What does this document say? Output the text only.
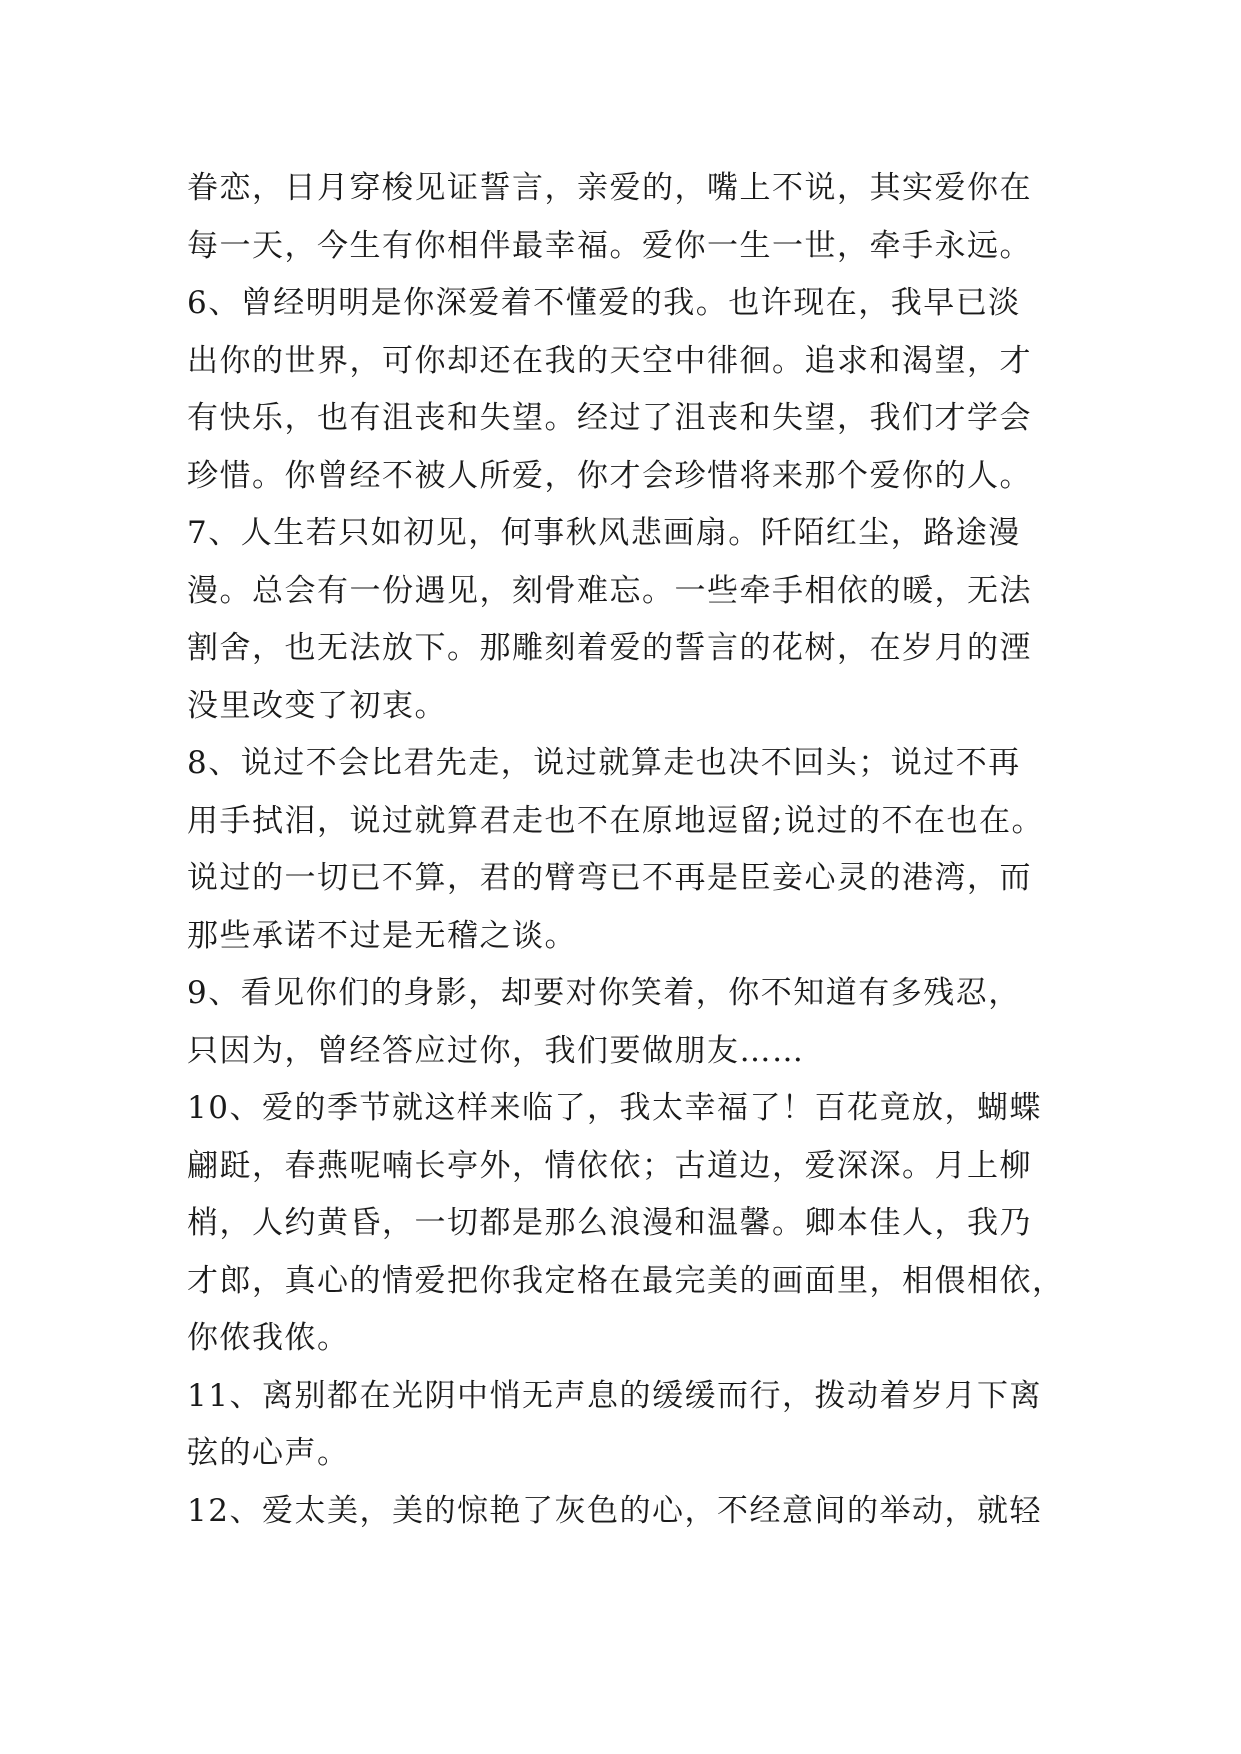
眷恋，日月穿梭见证誓言，亲爱的，嘴上不说，其实爱你在
每一天，今生有你相伴最幸福。爱你一生一世，牵手永远。
6、曾经明明是你深爱着不懂爱的我。也许现在，我早已淡
出你的世界，可你却还在我的天空中徘徊。追求和渴望，才
有快乐，也有沮丧和失望。经过了沮丧和失望，我们才学会
珍惜。你曾经不被人所爱，你才会珍惜将来那个爱你的人。
7、人生若只如初见，何事秋风悲画扇。阡陌红尘，路途漫
漫。总会有一份遇见，刻骨难忘。一些牵手相依的暖，无法
割舍，也无法放下。那雕刻着爱的誓言的花树，在岁月的湮
没里改变了初衷。
8、说过不会比君先走，说过就算走也决不回头；说过不再
用手拭泪，说过就算君走也不在原地逗留;说过的不在也在。
说过的一切已不算，君的臂弯已不再是臣妾心灵的港湾，而
那些承诺不过是无稽之谈。
9、看见你们的身影，却要对你笑着，你不知道有多残忍，
只因为，曾经答应过你，我们要做朋友……
10、爱的季节就这样来临了，我太幸福了！百花竟放，蝴蝶
翩跹，春燕呢喃长亭外，情依依；古道边，爱深深。月上柳
梢，人约黄昏，一切都是那么浪漫和温馨。卿本佳人，我乃
才郎，真心的情爱把你我定格在最完美的画面里，相偎相依，
你侬我侬。
11、离别都在光阴中悄无声息的缓缓而行，拨动着岁月下离
弦的心声。
12、爱太美，美的惊艳了灰色的心，不经意间的举动，就轻
